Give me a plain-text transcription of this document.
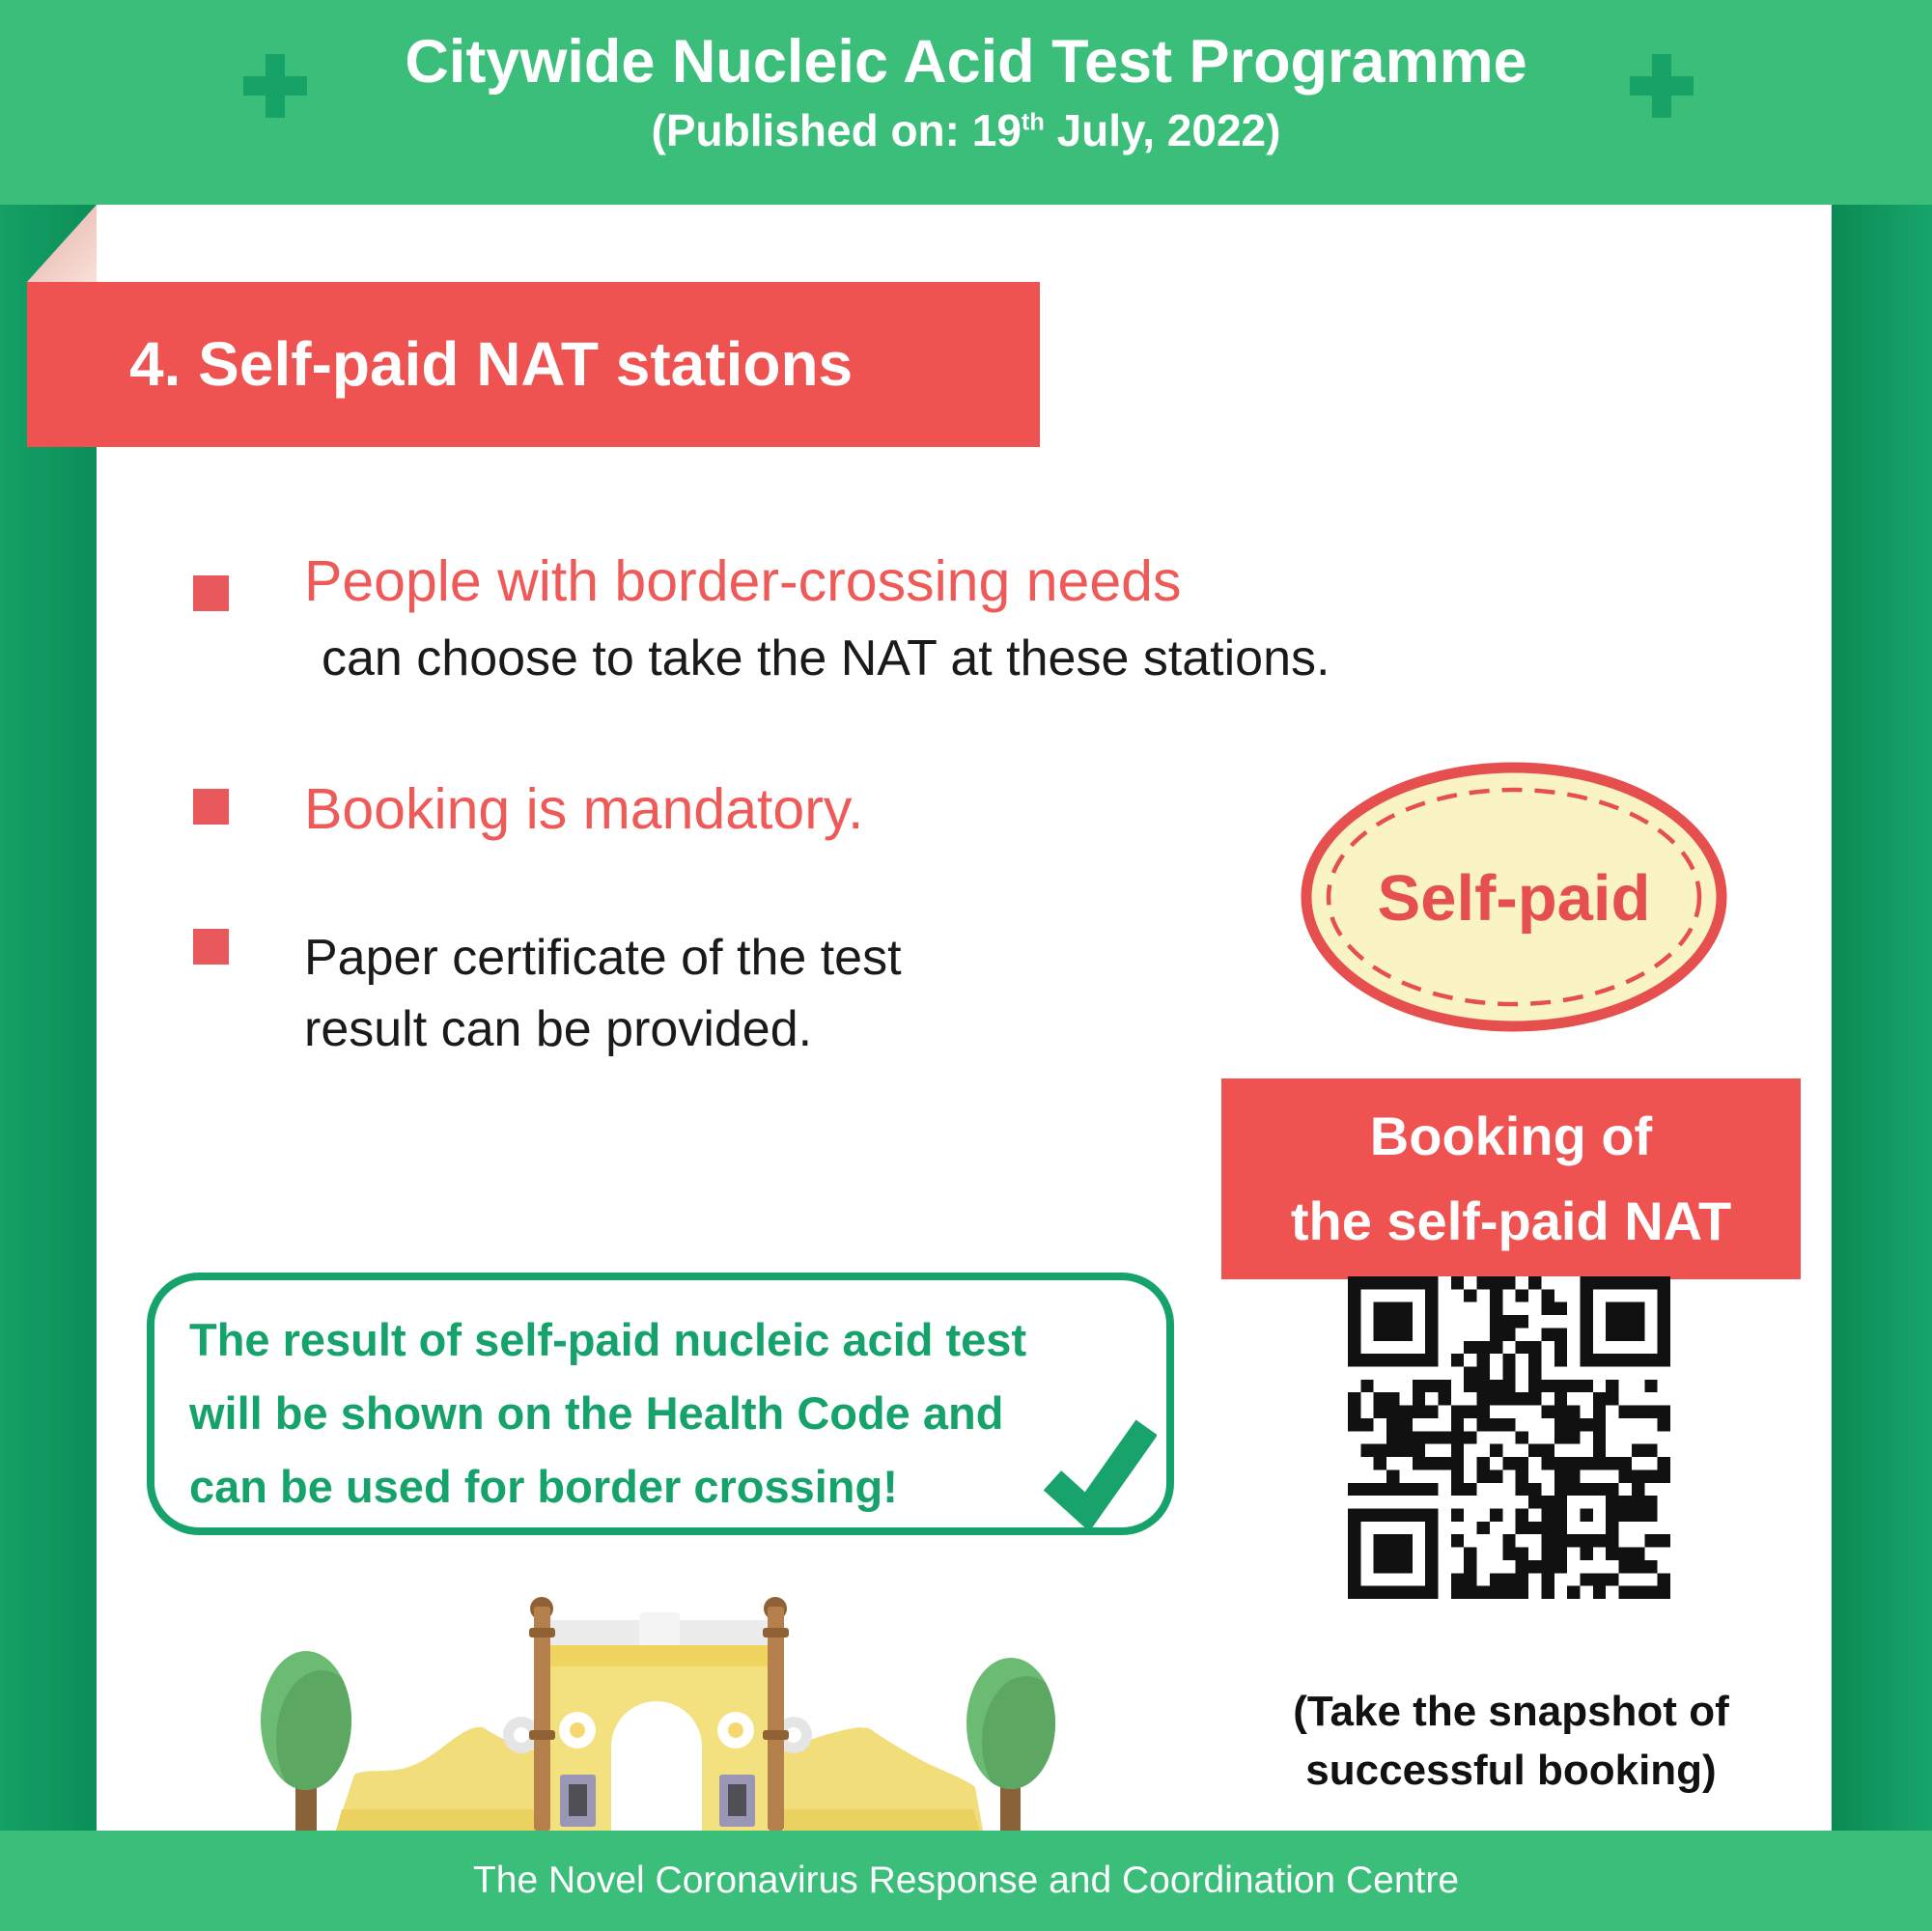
Citywide Nucleic Acid Test Programme
(Published on: 19th July, 2022)
4. Self-paid NAT stations
People with border-crossing needs
can choose to take the NAT at these stations.
Booking is mandatory.
Paper certificate of the test
result can be provided.
Self-paid
Booking of
the self-paid NAT
(Take the snapshot of
successful booking)
The result of self-paid nucleic acid test
will be shown on the Health Code and
can be used for border crossing!
The Novel Coronavirus Response and Coordination Centre
